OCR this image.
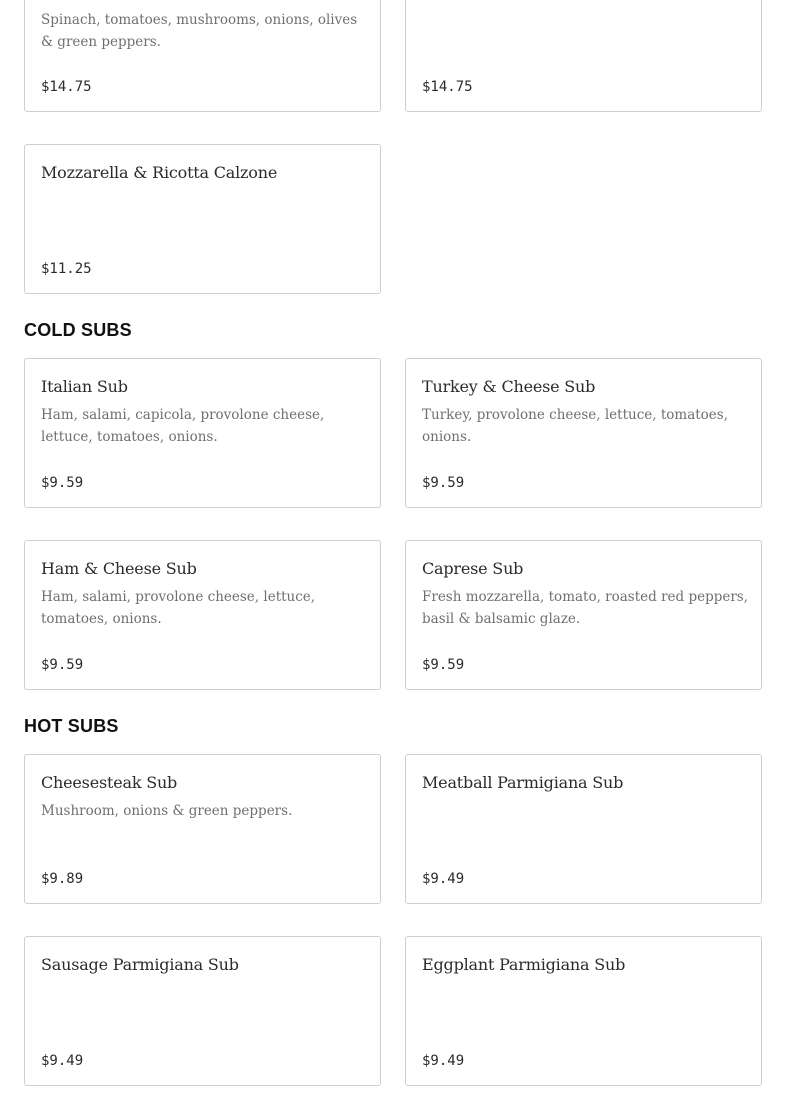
Spinach, tomatoes, mushrooms, onions, olives & green peppers.
$14.75	$14.75
Mozzarella & Ricotta Calzone
$11.25
COLD SUBS
Italian Sub
Ham, salami, capicola, provolone cheese, lettuce, tomatoes, onions.
$9.59
Turkey & Cheese Sub
Turkey, provolone cheese, lettuce, tomatoes, onions.
$9.59
Ham & Cheese Sub
Ham, salami, provolone cheese, lettuce, tomatoes, onions.
$9.59
Caprese Sub
Fresh mozzarella, tomato, roasted red peppers, basil & balsamic glaze.
$9.59
HOT SUBS
Cheesesteak Sub
Mushroom, onions & green peppers.
$9.89
Meatball Parmigiana Sub
$9.49
Sausage Parmigiana Sub
$9.49
Eggplant Parmigiana Sub
$9.49
